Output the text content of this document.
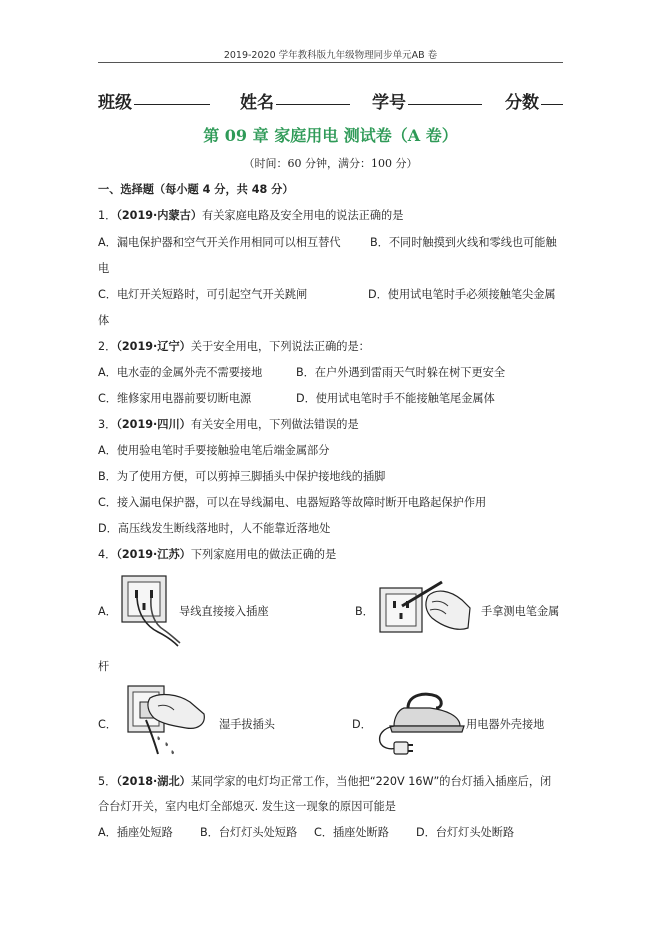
2019-2020 学年教科版九年级物理同步单元AB 卷
班级	姓名	学号	分数
第 09 章 家庭用电 测试卷（A 卷）
（时间：60 分钟，满分：100 分）
一、选择题（每小题 4 分，共 48 分）
1．（2019·内蒙古）有关家庭电路及安全用电的说法正确的是
A．漏电保护器和空气开关作用相同可以相互替代	B．不同时触摸到火线和零线也可能触
电
C．电灯开关短路时，可引起空气开关跳闸	D．使用试电笔时手必须接触笔尖金属
体
2．（2019·辽宁）关于安全用电，下列说法正确的是：
A．电水壶的金属外壳不需要接地	B．在户外遇到雷雨天气时躲在树下更安全
C．维修家用电器前要切断电源	D．使用试电笔时手不能接触笔尾金属体
3．（2019·四川）有关安全用电，下列做法错误的是
A．使用验电笔时手要接触验电笔后端金属部分
B．为了使用方便，可以剪掉三脚插头中保护接地线的插脚
C．接入漏电保护器，可以在导线漏电、电器短路等故障时断开电路起保护作用
D．高压线发生断线落地时，人不能靠近落地处
4．（2019·江苏）下列家庭用电的做法正确的是
A．	导线直接接入插座	B．	手拿测电笔金属
杆
C．	湿手拔插头	D．	用电器外壳接地
5．（2018·湖北）某同学家的电灯均正常工作，当他把“220V 16W”的台灯插入插座后，闭
合台灯开关，室内电灯全部熄灭. 发生这一现象的原因可能是
A．插座处短路 B．台灯灯头处短路 C．插座处断路 D．台灯灯头处断路
